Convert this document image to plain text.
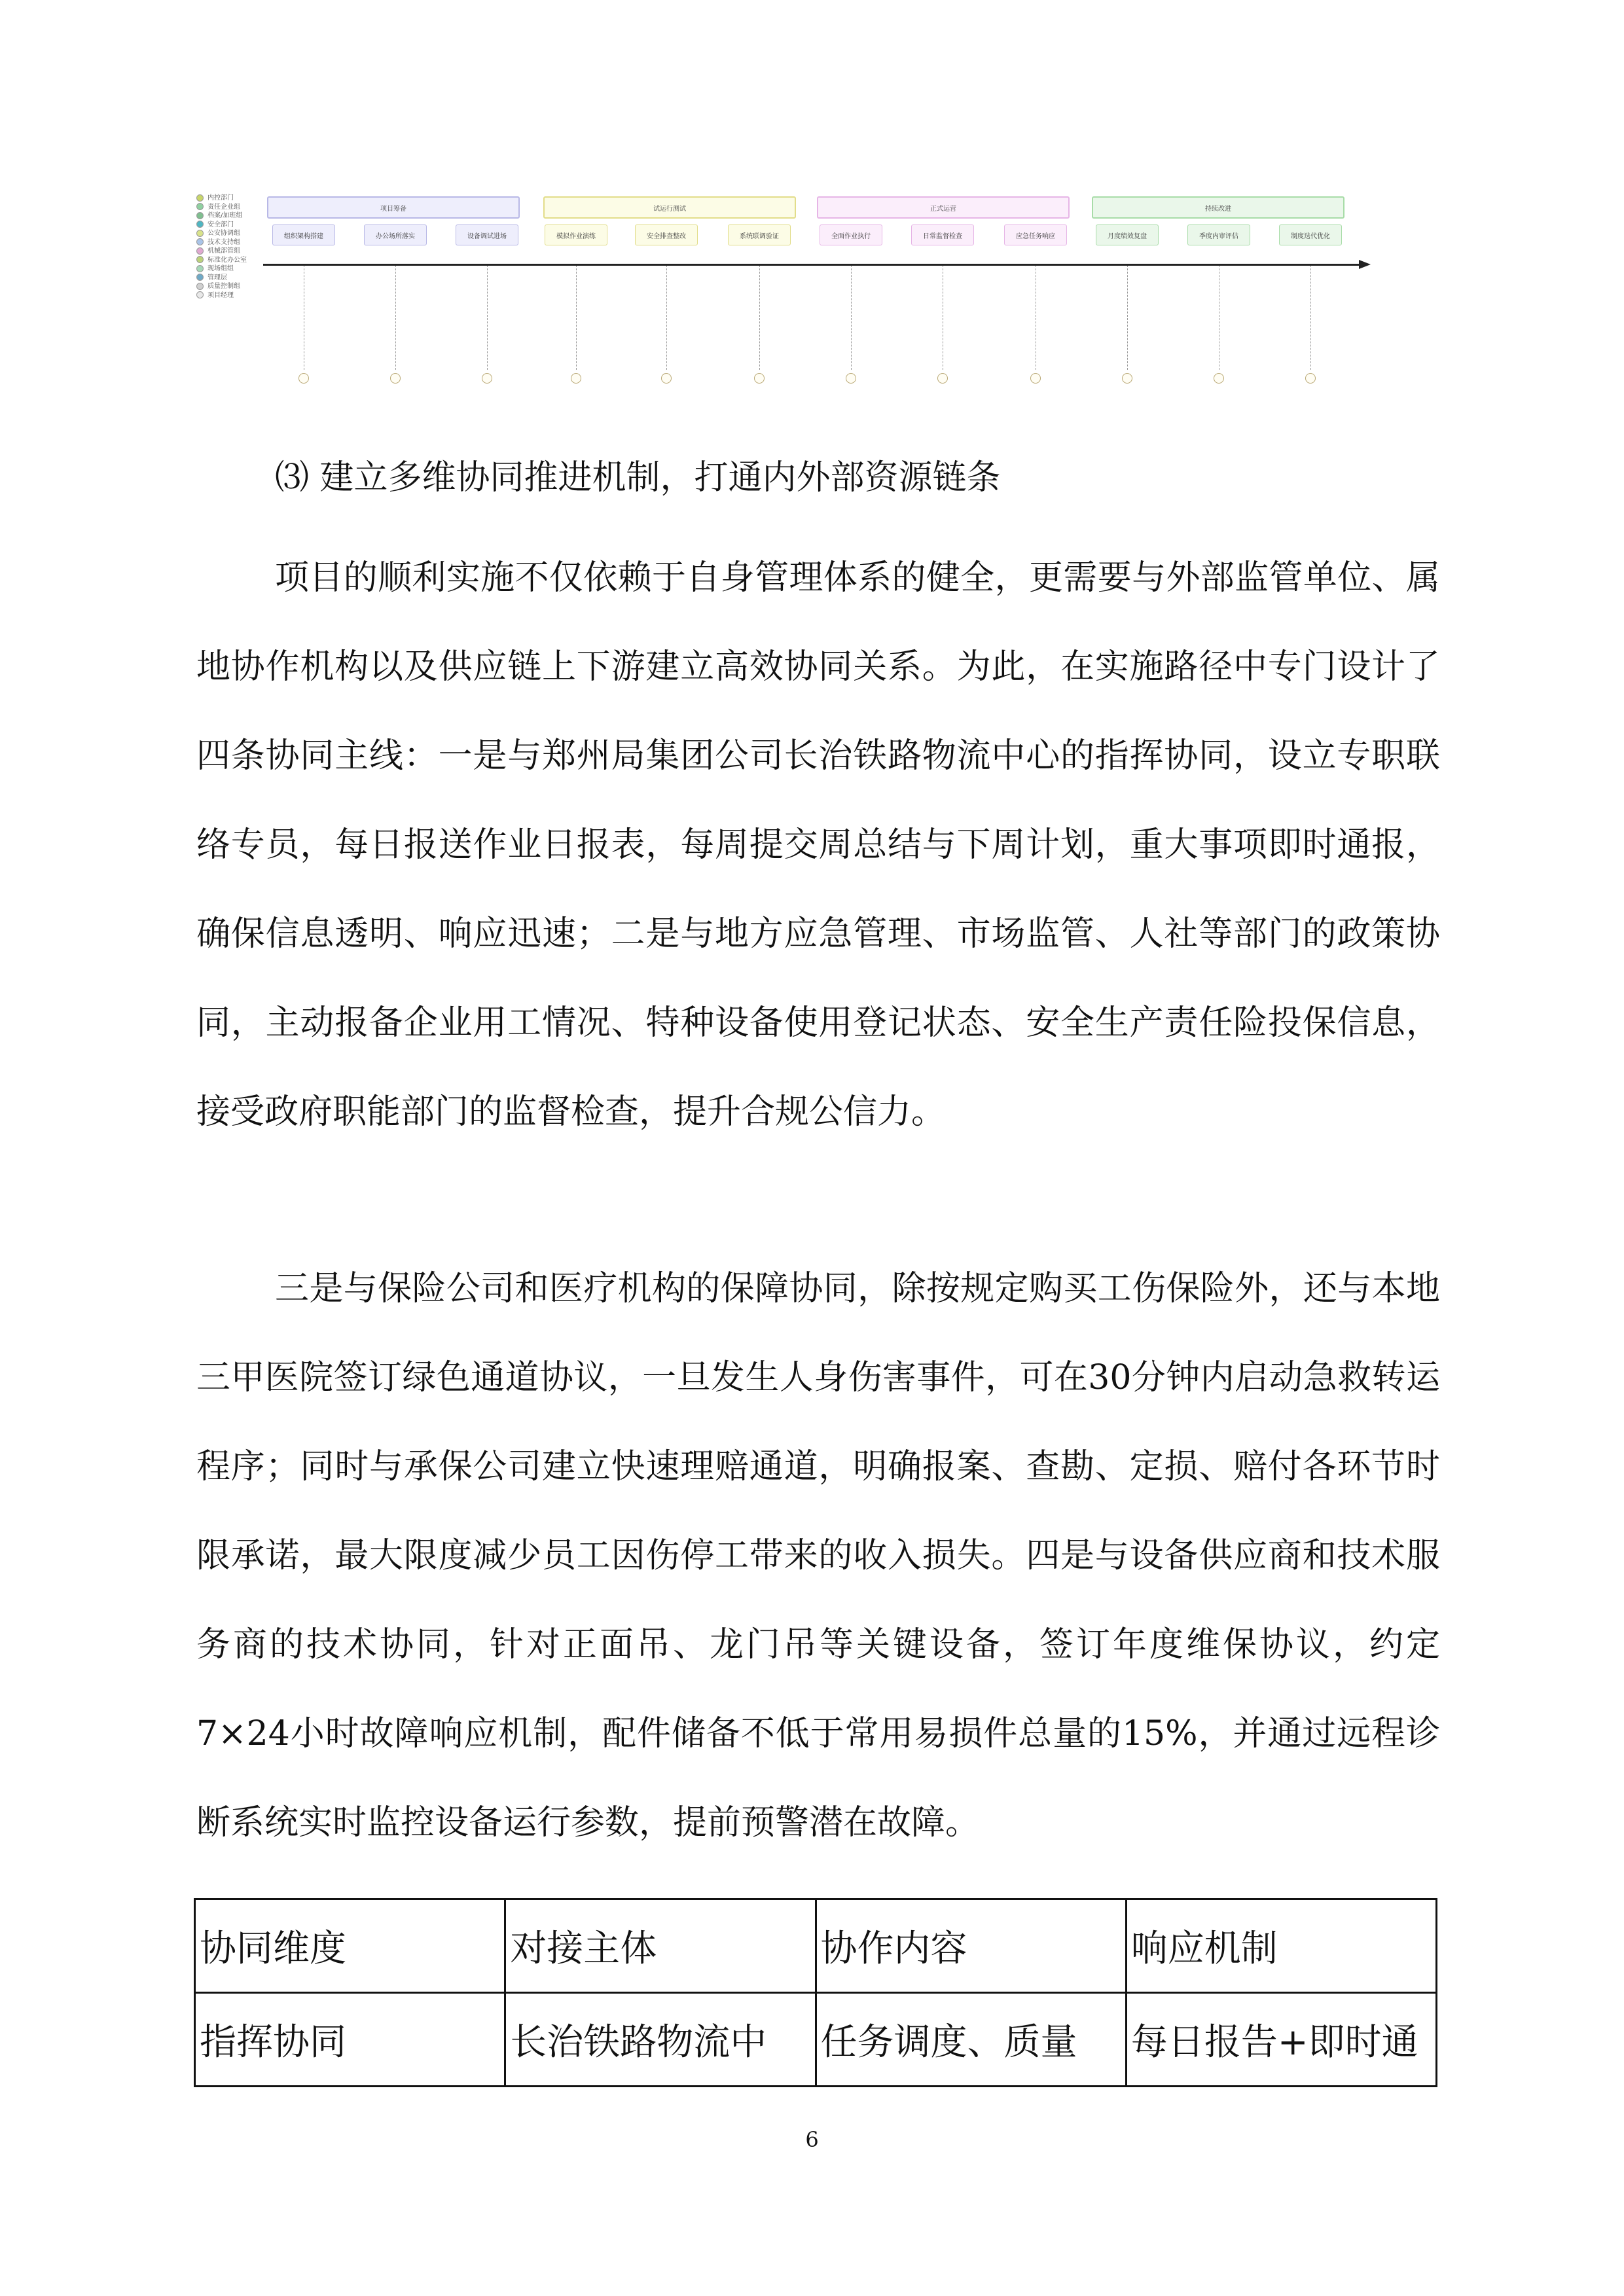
内控部门
责任企业组
档案/加班组
安全部门
公安协调组
技术支持组
机械部管组
标准化办公室
现场组组
管理层
质量控制组
项目经理
项目筹备	试运行测试	正式运营	持续改进
组织架构搭建	办公场所落实	设备调试进场	模拟作业演练	安全排查整改	系统联调验证	全面作业执行	日常监督检查	应急任务响应	月度绩效复盘	季度内审评估	制度迭代优化
⑶ 建立多维协同推进机制，打通内外部资源链条
项目的顺利实施不仅依赖于自身管理体系的健全，更需要与外部监管单位、属地协作机构以及供应链上下游建立高效协同关系。为此，在实施路径中专门设计了四条协同主线：一是与郑州局集团公司长治铁路物流中心的指挥协同，设立专职联络专员，每日报送作业日报表，每周提交周总结与下周计划，重大事项即时通报，确保信息透明、响应迅速；二是与地方应急管理、市场监管、人社等部门的政策协同，主动报备企业用工情况、特种设备使用登记状态、安全生产责任险投保信息，接受政府职能部门的监督检查，提升合规公信力。
三是与保险公司和医疗机构的保障协同，除按规定购买工伤保险外，还与本地三甲医院签订绿色通道协议，一旦发生人身伤害事件，可在30分钟内启动急救转运程序；同时与承保公司建立快速理赔通道，明确报案、查勘、定损、赔付各环节时限承诺，最大限度减少员工因伤停工带来的收入损失。四是与设备供应商和技术服务商的技术协同，针对正面吊、龙门吊等关键设备，签订年度维保协议，约定7×24小时故障响应机制，配件储备不低于常用易损件总量的15%，并通过远程诊断系统实时监控设备运行参数，提前预警潜在故障。
协同维度	对接主体	协作内容	响应机制
指挥协同	长治铁路物流中	任务调度、质量	每日报告+即时通
6
